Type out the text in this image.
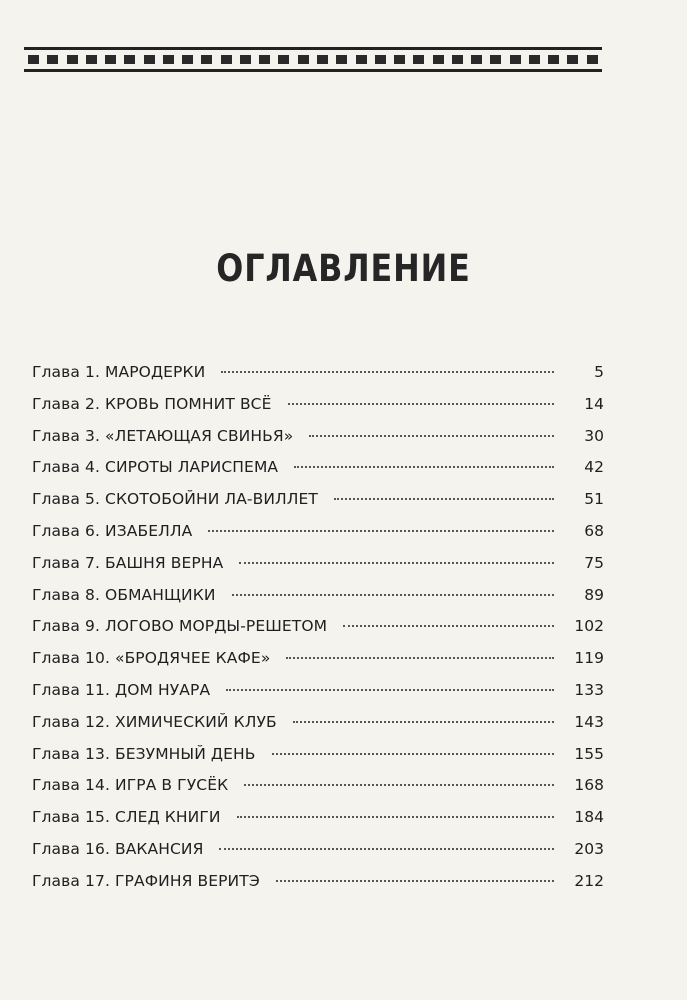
ОГЛАВЛЕНИЕ
Глава 1. МАРОДЕРКИ	5
Глава 2. КРОВЬ ПОМНИТ ВСЁ	14
Глава 3. «ЛЕТАЮЩАЯ СВИНЬЯ»	30
Глава 4. СИРОТЫ ЛАРИСПЕМА	42
Глава 5. СКОТОБОЙНИ ЛА-ВИЛЛЕТ	51
Глава 6. ИЗАБЕЛЛА	68
Глава 7. БАШНЯ ВЕРНА	75
Глава 8. ОБМАНЩИКИ	89
Глава 9. ЛОГОВО МОРДЫ-РЕШЕТОМ	102
Глава 10. «БРОДЯЧЕЕ КАФЕ»	119
Глава 11. ДОМ НУАРА	133
Глава 12. ХИМИЧЕСКИЙ КЛУБ	143
Глава 13. БЕЗУМНЫЙ ДЕНЬ	155
Глава 14. ИГРА В ГУСЁК	168
Глава 15. СЛЕД КНИГИ	184
Глава 16. ВАКАНСИЯ	203
Глава 17. ГРАФИНЯ ВЕРИТЭ	212
